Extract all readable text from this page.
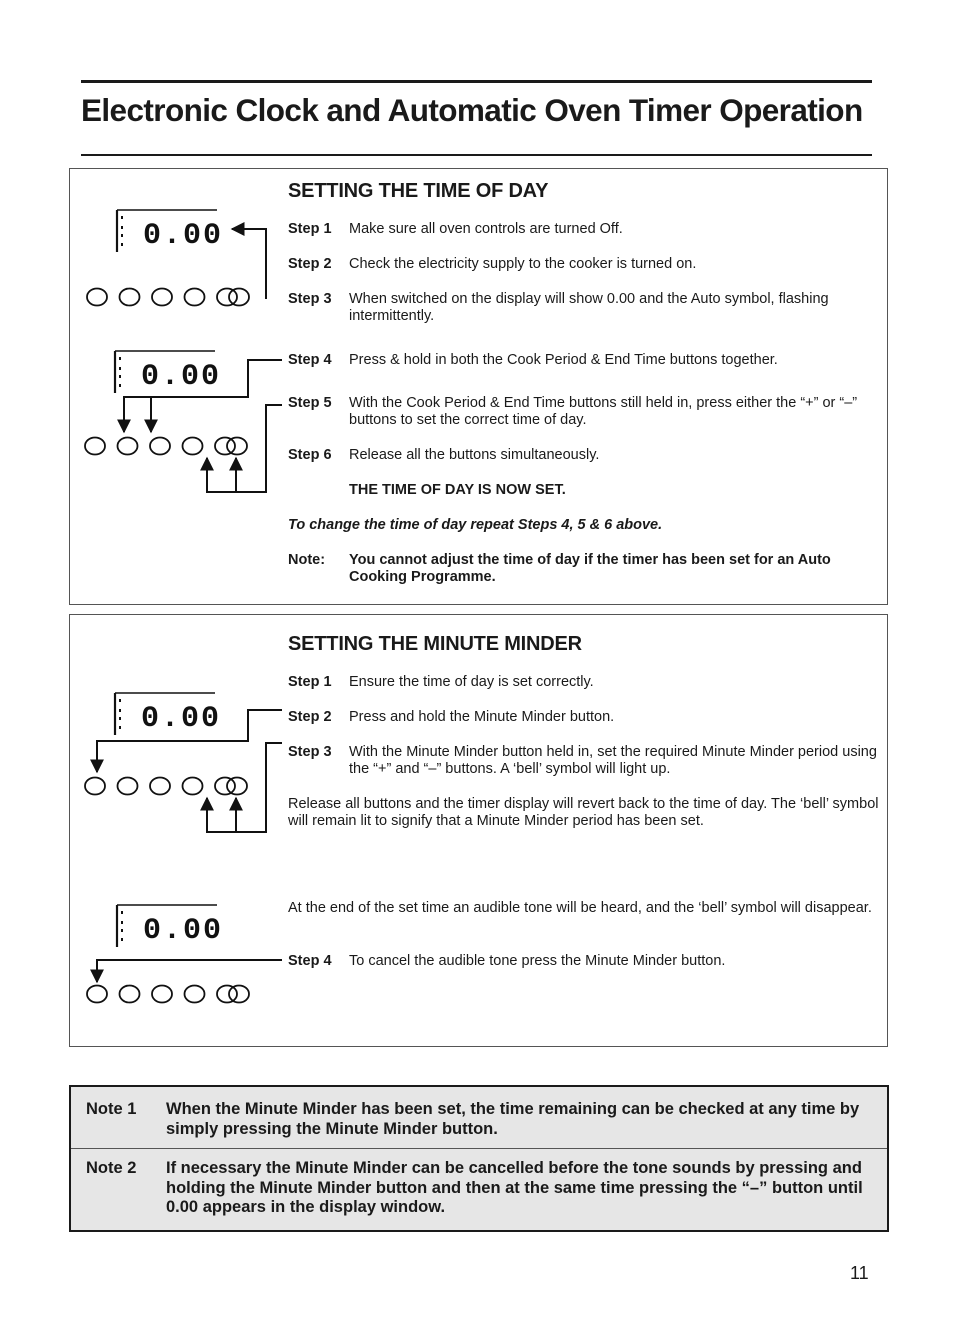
Electronic Clock and Automatic Oven Timer Operation
SETTING THE TIME OF DAY
Step 1 Make sure all oven controls are turned Off.
Step 2 Check the electricity supply to the cooker is turned on.
Step 3 When switched on the display will show 0.00 and the Auto symbol, flashing intermittently.
Step 4 Press & hold in both the Cook Period & End Time buttons together.
Step 5 With the Cook Period & End Time buttons still held in, press either the “+” or “–” buttons to set the correct time of day.
Step 6 Release all the buttons simultaneously.
THE TIME OF DAY IS NOW SET.
To change the time of day repeat Steps 4, 5 & 6 above.
Note: You cannot adjust the time of day if the timer has been set for an Auto Cooking Programme.
SETTING THE MINUTE MINDER
Step 1 Ensure the time of day is set correctly.
Step 2 Press and hold the Minute Minder button.
Step 3 With the Minute Minder button held in, set the required Minute Minder period using the “+” and “–” buttons. A ‘bell’ symbol will light up.
Release all buttons and the timer display will revert back to the time of day. The ‘bell’ symbol will remain lit to signify that a Minute Minder period has been set.
At the end of the set time an audible tone will be heard, and the ‘bell’ symbol will disappear.
Step 4 To cancel the audible tone press the Minute Minder button.
0.00
0.00
0.00
0.00
Note 1 When the Minute Minder has been set, the time remaining can be checked at any time by simply pressing the Minute Minder button.
Note 2 If necessary the Minute Minder can be cancelled before the tone sounds by pressing and holding the Minute Minder button and then at the same time pressing the “–” button until 0.00 appears in the display window.
11
